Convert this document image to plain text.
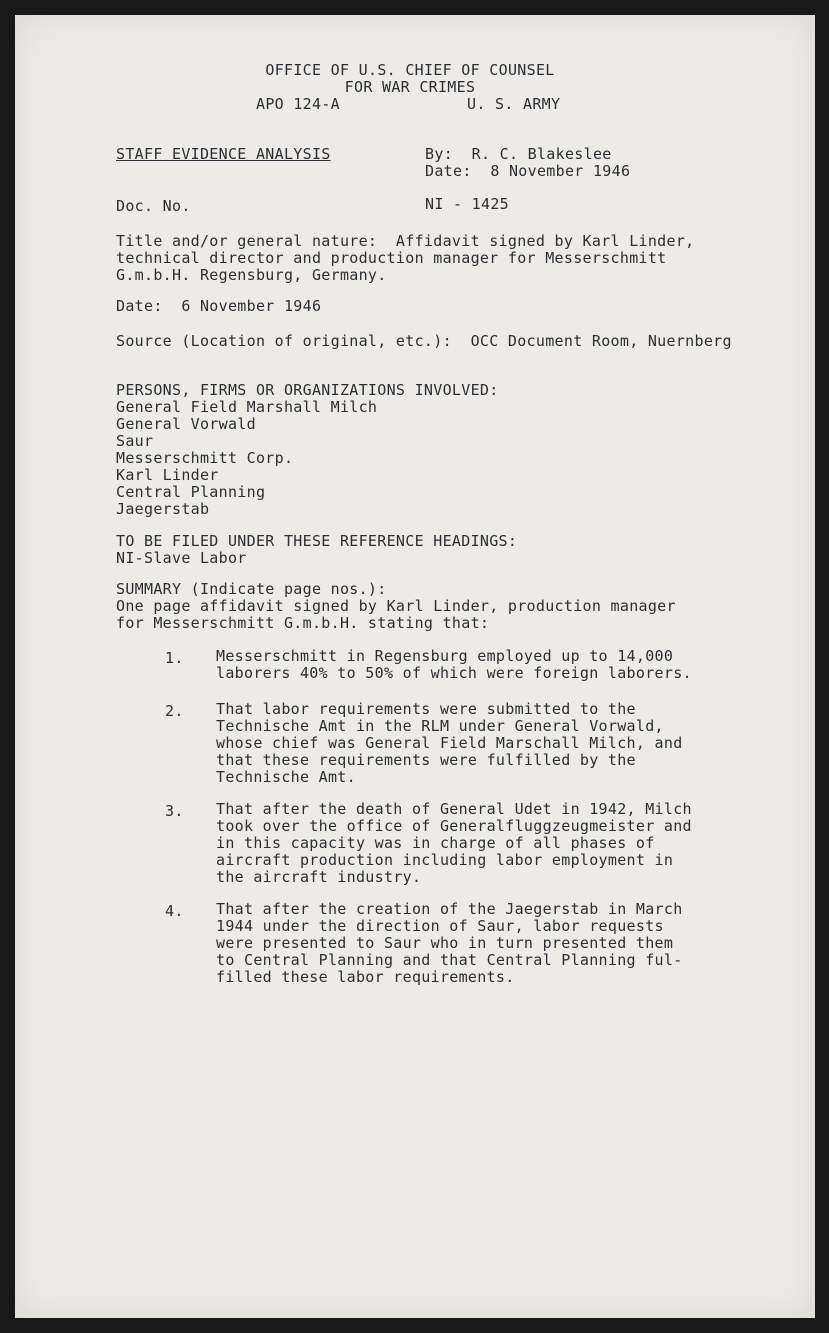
OFFICE OF U.S. CHIEF OF COUNSEL
FOR WAR CRIMES
APO 124-A	U. S. ARMY
STAFF EVIDENCE ANALYSIS	By:  R. C. Blakeslee
Date:  8 November 1946
Doc. No.	NI - 1425
Title and/or general nature:  Affidavit signed by Karl Linder,
technical director and production manager for Messerschmitt
G.m.b.H. Regensburg, Germany.
Date:  6 November 1946
Source (Location of original, etc.):  OCC Document Room, Nuernberg
PERSONS, FIRMS OR ORGANIZATIONS INVOLVED:
General Field Marshall Milch
General Vorwald
Saur
Messerschmitt Corp.
Karl Linder
Central Planning
Jaegerstab
TO BE FILED UNDER THESE REFERENCE HEADINGS:
NI-Slave Labor
SUMMARY (Indicate page nos.):
One page affidavit signed by Karl Linder, production manager
for Messerschmitt G.m.b.H. stating that:
1. Messerschmitt in Regensburg employed up to 14,000
laborers 40% to 50% of which were foreign laborers.
2. That labor requirements were submitted to the
Technische Amt in the RLM under General Vorwald,
whose chief was General Field Marschall Milch, and
that these requirements were fulfilled by the
Technische Amt.
3. That after the death of General Udet in 1942, Milch
took over the office of Generalfluggzeugmeister and
in this capacity was in charge of all phases of
aircraft production including labor employment in
the aircraft industry.
4. That after the creation of the Jaegerstab in March
1944 under the direction of Saur, labor requests
were presented to Saur who in turn presented them
to Central Planning and that Central Planning ful-
filled these labor requirements.
